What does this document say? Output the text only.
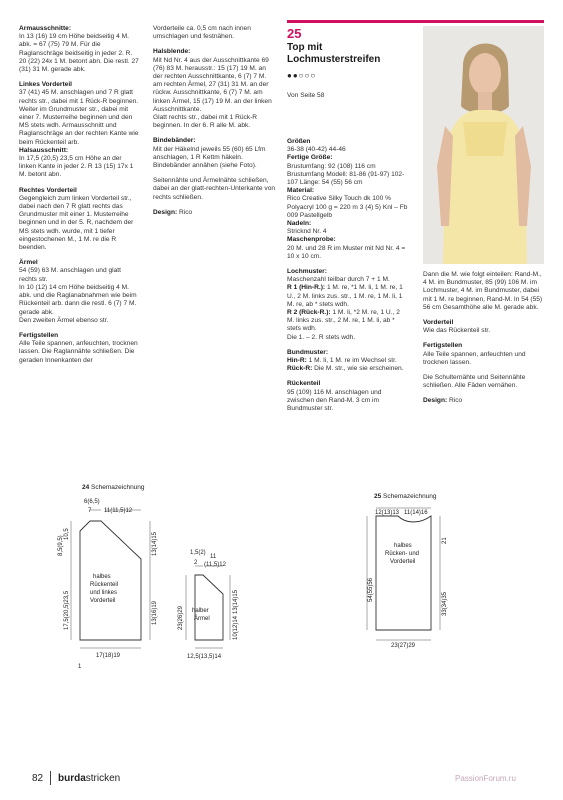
Armausschnitte:
In 13 (16) 19 cm Höhe beidseitig 4 M. abk. = 67 (75) 79 M. Für die Raglanschräge beidseitig in jeder 2. R. 20 (22) 24x 1 M. betont abn. Die restl. 27 (31) 31 M. gerade abk.

Linkes Vorderteil
37 (41) 45 M. anschlagen und 7 R glatt rechts str., dabei mit 1 Rück-R beginnen.
Weiter im Grundmuster str., dabei mit einer 7. Musterreihe beginnen und den MS stets wdh. Armausschnitt und Raglanschräge an der rechten Kante wie beim Rückenteil arb.

Halsausschnitt:
In 17,5 (20,5) 23,5 cm Höhe an der linken Kante in jeder 2. R 13 (15) 17x 1 M. betont abn.

Rechtes Vorderteil
Gegengleich zum linken Vorderteil str., dabei nach den 7 R glatt rechts das Grundmuster mit einer 1. Musterreihe beginnen und in der 5. R, nachdem der MS stets wdh. wurde, mit 1 tiefer eingestochenen M., 1 M. re die R beenden.

Ärmel
54 (59) 63 M. anschlagen und glatt rechts str.
In 10 (12) 14 cm Höhe beidseitig 4 M. abk. und die Raglanabnahmen wie beim Rückenteil arb. dann die restl. 6 (7) 7 M. gerade abk.
Den zweiten Ärmel ebenso str.

Fertigstellen
Alle Teile spannen, anfeuchten, trocknen lassen. Die Raglannähte schließen. Die geraden Innenkanten der

Vorderteile ca. 0,5 cm nach innen umschlagen und festnähen.

Halsblende:
Mit Nd Nr. 4 aus der Ausschnittkante 69 (76) 83 M. herausstr.: 15 (17) 19 M. an der rechten Ausschnittkante, 6 (7) 7 M. am rechten Ärmel, 27 (31) 31 M. an der rückw. Ausschnittkante, 6 (7) 7 M. am linken Ärmel, 15 (17) 19 M. an der linken Ausschnittkante.
Glatt rechts str., dabei mit 1 Rück-R beginnen. In der 6. R alle M. abk.

Bindebänder:
Mit der Häkelnd jeweils 55 (60) 65 Lfm anschlagen, 1 R Kettm häkeln. Bindebänder annähen (siehe Foto).

Seitennähte und Ärmelnähte schließen, dabei an der glatt-rechten-Unterkante von rechts schließen.

Design: Rico

25
Top mit Lochmusterstreifen
●●○○○
Von Seite 58

Größen
36-38 (40-42) 44-46

Fertige Größe:
Brustumfang: 92 (108) 116 cm Brustumfang Modell: 81-86 (91-97) 102-107 Länge: 54 (55) 56 cm

Material:
Rico Creative Silky Touch dk 100 % Polyacryl 100 g = 220 m 3 (4) 5) Knl – Fb 009 Pastellgelb

Nadeln:
Stricknd Nr. 4

Maschenprobe:
20 M. und 28 R im Muster mit Nd Nr. 4 = 10 x 10 cm.

Lochmuster:
Maschenzahl teilbar durch 7 + 1 M.
R 1 (Hin-R.): 1 M. re, *1 M. li, 1 M. re, 1 U., 2 M. links zus. str., 1 M. re, 1 M. li, 1 M. re, ab * stets wdh.
R 2 (Rück-R.): 1 M. li, *2 M. re, 1 U., 2 M. links zus. str., 2 M. re, 1 M. li, ab * stets wdh.
Die 1. – 2. R stets wdh.

Bundmuster:
Hin-R: 1 M. li, 1 M. re im Wechsel str.
Rück-R: Die M. str., wie sie erscheinen.

Rückenteil
95 (109) 116 M. anschlagen und zwischen den Rand-M. 3 cm im Bundmuster str.

Dann die M. wie folgt einteilen: Rand-M., 4 M. im Bundmuster, 85 (99) 106 M. im Lochmuster, 4 M. im Bundmuster, dabei mit 1 M. re beginnen, Rand-M. In 54 (55) 56 cm Gesamthöhe alle M. gerade abk.

Vorderteil
Wie das Rückenteil str.

Fertigstellen
Alle Teile spannen, anfeuchten und trocknen lassen.

Die Schulternähte und Seitennähte schließen. Alle Fäden vernähen.

Design: Rico

24 Schemazeichnung
6(6,5)
7 11(11,5)12
8,5(9,5)
10,5
17,5(20,5)23,5
13(14)15
13(16)19
17(18)19
1
halbes
Rückenteil
und linkes
Vorderteil
1,5(2)
2
11
(11,5)12
23(26)29
13(14)15
10(12)14
12,5(13,5)14
halber
Ärmel
25 Schemazeichnung
12(13)13 11(14)16
21
54(55)56
33(34)35
23(27)29
halbes
Rücken- und
Vorderteil
82 burdastricken	PassionForum.ru
